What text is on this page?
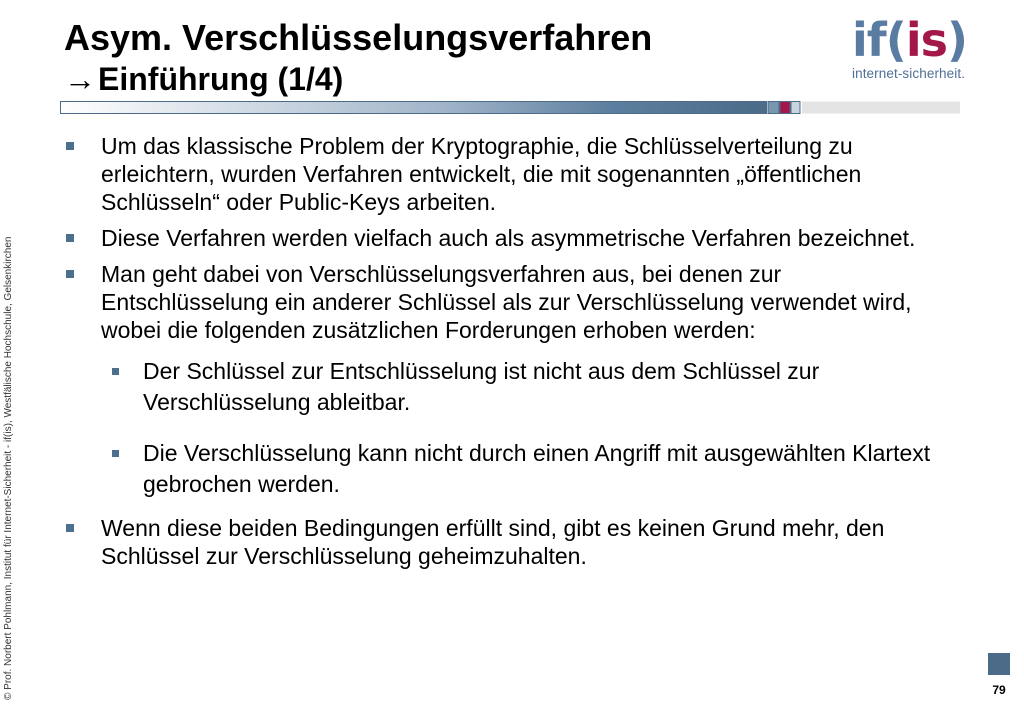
Asym. Verschlüsselungsverfahren
→Einführung (1/4)
if(is)
internet-sicherheit.
© Prof. Norbert Pohlmann, Institut für Internet-Sicherheit - if(is), Westfälische Hochschule, Gelsenkirchen
Um das klassische Problem der Kryptographie, die Schlüsselverteilung zu erleichtern, wurden Verfahren entwickelt, die mit sogenannten „öffentlichen Schlüsseln“ oder Public-Keys arbeiten.
Diese Verfahren werden vielfach auch als asymmetrische Verfahren bezeichnet.
Man geht dabei von Verschlüsselungsverfahren aus, bei denen zur Entschlüsselung ein anderer Schlüssel als zur Verschlüsselung verwendet wird, wobei die folgenden zusätzlichen Forderungen erhoben werden:
Der Schlüssel zur Entschlüsselung ist nicht aus dem Schlüssel zur Verschlüsselung ableitbar.
Die Verschlüsselung kann nicht durch einen Angriff mit ausgewählten Klartext gebrochen werden.
Wenn diese beiden Bedingungen erfüllt sind, gibt es keinen Grund mehr, den Schlüssel zur Verschlüsselung geheimzuhalten.
79
